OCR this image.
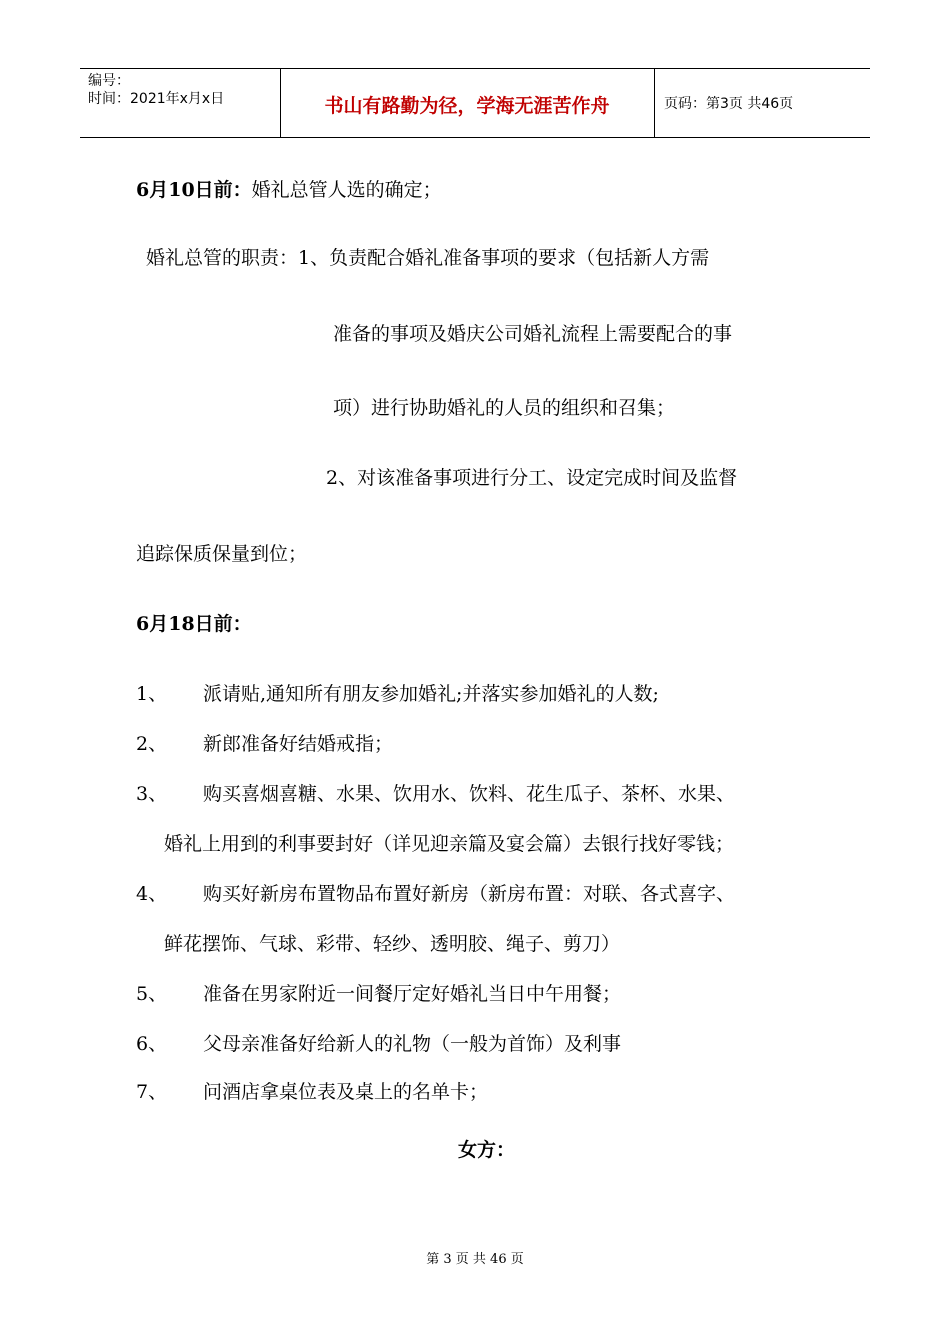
编号：
时间：2021年x月x日	书山有路勤为径，学海无涯苦作舟	页码：第3页 共46页
6月10日前：婚礼总管人选的确定；
婚礼总管的职责：1、负责配合婚礼准备事项的要求（包括新人方需
准备的事项及婚庆公司婚礼流程上需要配合的事
项）进行协助婚礼的人员的组织和召集；
2、对该准备事项进行分工、设定完成时间及监督
追踪保质保量到位；
6月18日前：
1、 派请贴,通知所有朋友参加婚礼;并落实参加婚礼的人数;
2、 新郎准备好结婚戒指；
3、 购买喜烟喜糖、水果、饮用水、饮料、花生瓜子、茶杯、水果、
婚礼上用到的利事要封好（详见迎亲篇及宴会篇）去银行找好零钱；
4、 购买好新房布置物品布置好新房（新房布置：对联、各式喜字、
鲜花摆饰、气球、彩带、轻纱、透明胶、绳子、剪刀）
5、 准备在男家附近一间餐厅定好婚礼当日中午用餐；
6、 父母亲准备好给新人的礼物（一般为首饰）及利事
7、 问酒店拿桌位表及桌上的名单卡；
女方：
第 3 页 共 46 页
